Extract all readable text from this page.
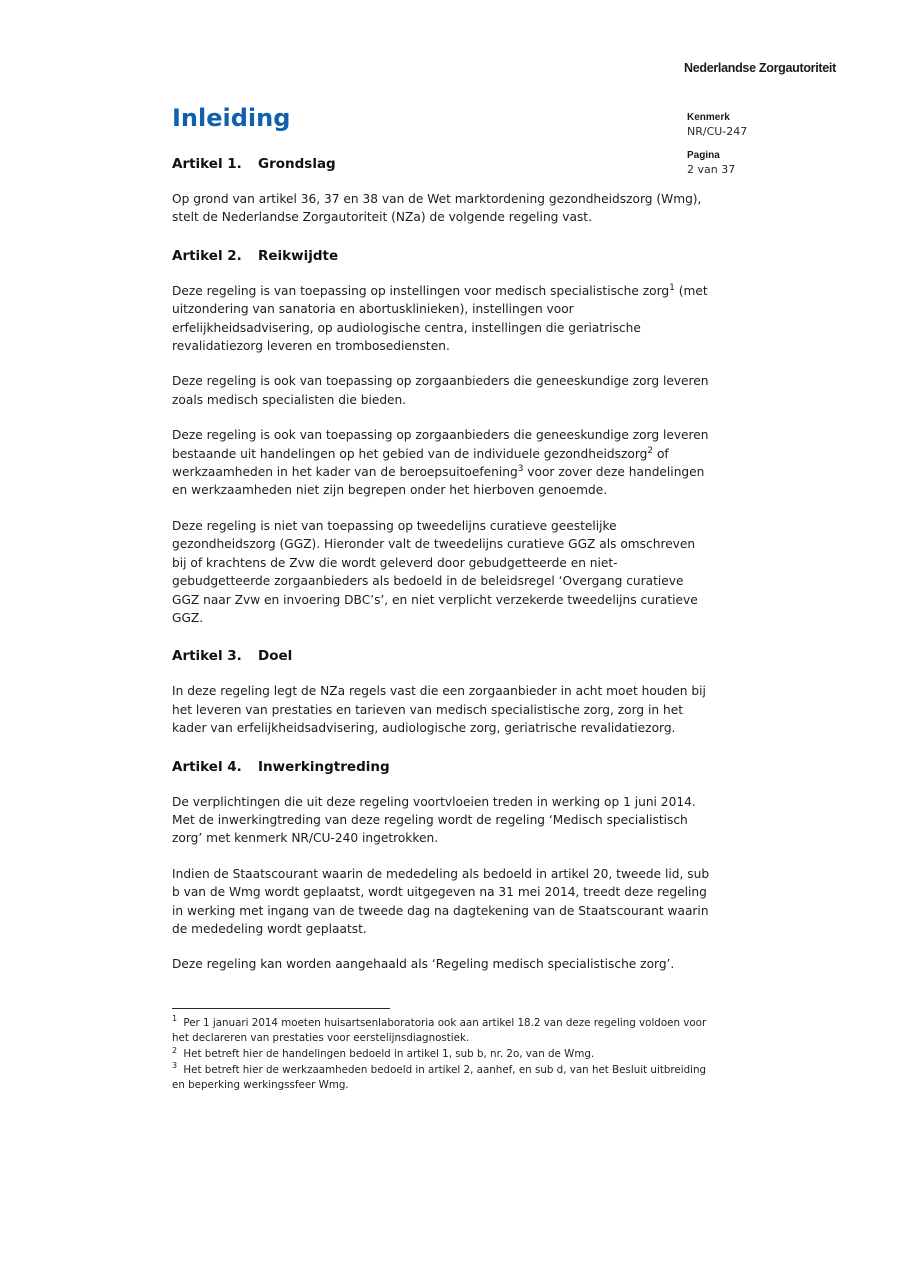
Nederlandse Zorgautoriteit
Kenmerk
NR/CU-247
Pagina
2 van 37
Inleiding
Artikel 1. Grondslag

Op grond van artikel 36, 37 en 38 van de Wet marktordening gezondheidszorg (Wmg), stelt de Nederlandse Zorgautoriteit (NZa) de volgende regeling vast.

Artikel 2. Reikwijdte

Deze regeling is van toepassing op instellingen voor medisch specialistische zorg$^1$ (met uitzondering van sanatoria en abortusklinieken), instellingen voor erfelijkheidsadvisering, op audiologische centra, instellingen die geriatrische revalidatiezorg leveren en trombosediensten.

Deze regeling is ook van toepassing op zorgaanbieders die geneeskundige zorg leveren zoals medisch specialisten die bieden.

Deze regeling is ook van toepassing op zorgaanbieders die geneeskundige zorg leveren bestaande uit handelingen op het gebied van de individuele gezondheidszorg$^2$ of werkzaamheden in het kader van de beroepsuitoefening$^3$ voor zover deze handelingen en werkzaamheden niet zijn begrepen onder het hierboven genoemde.

Deze regeling is niet van toepassing op tweedelijns curatieve geestelijke gezondheidszorg (GGZ). Hieronder valt de tweedelijns curatieve GGZ als omschreven bij of krachtens de Zvw die wordt geleverd door gebudgetteerde en niet-gebudgetteerde zorgaanbieders als bedoeld in de beleidsregel ‘Overgang curatieve GGZ naar Zvw en invoering DBC’s’, en niet verplicht verzekerde tweedelijns curatieve GGZ.

Artikel 3. Doel

In deze regeling legt de NZa regels vast die een zorgaanbieder in acht moet houden bij het leveren van prestaties en tarieven van medisch specialistische zorg, zorg in het kader van erfelijkheidsadvisering, audiologische zorg, geriatrische revalidatiezorg.

Artikel 4. Inwerkingtreding

De verplichtingen die uit deze regeling voortvloeien treden in werking op 1 juni 2014. Met de inwerkingtreding van deze regeling wordt de regeling ‘Medisch specialistisch zorg’ met kenmerk NR/CU-240 ingetrokken.

Indien de Staatscourant waarin de mededeling als bedoeld in artikel 20, tweede lid, sub b van de Wmg wordt geplaatst, wordt uitgegeven na 31 mei 2014, treedt deze regeling in werking met ingang van de tweede dag na dagtekening van de Staatscourant waarin de mededeling wordt geplaatst.

Deze regeling kan worden aangehaald als ‘Regeling medisch specialistische zorg’.

$^1$ Per 1 januari 2014 moeten huisartsenlaboratoria ook aan artikel 18.2 van deze regeling voldoen voor het declareren van prestaties voor eerstelijnsdiagnostiek.
$^2$ Het betreft hier de handelingen bedoeld in artikel 1, sub b, nr. 2o, van de Wmg.
$^3$ Het betreft hier de werkzaamheden bedoeld in artikel 2, aanhef, en sub d, van het Besluit uitbreiding en beperking werkingssfeer Wmg.
